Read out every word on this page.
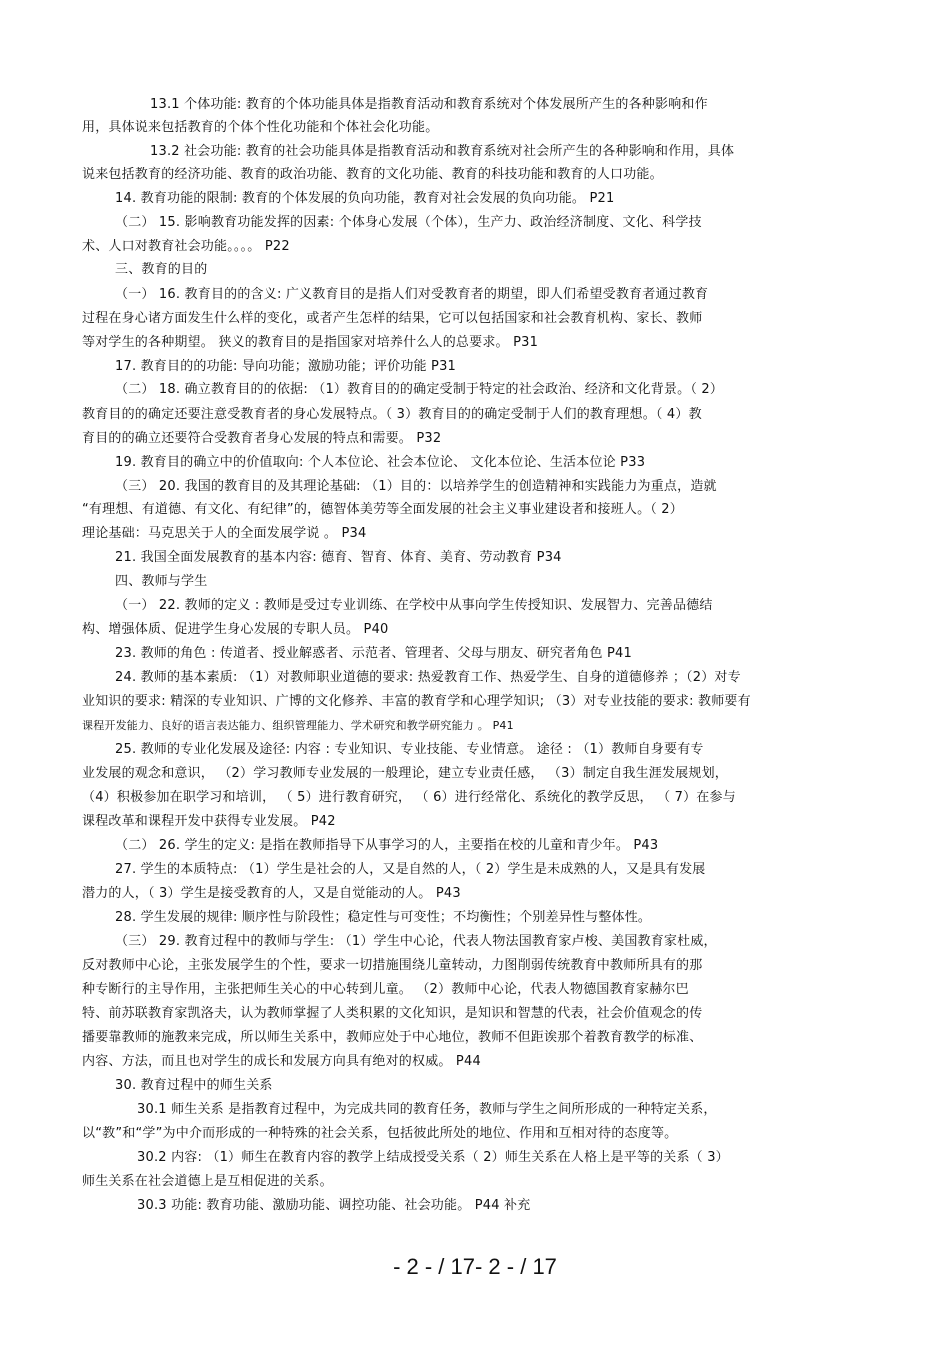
13.1 个体功能: 教育的个体功能具体是指教育活动和教育系统对个体发展所产生的各种影响和作
用，具体说来包括教育的个体个性化功能和个体社会化功能。
13.2 社会功能: 教育的社会功能具体是指教育活动和教育系统对社会所产生的各种影响和作用，具体
说来包括教育的经济功能、教育的政治功能、教育的文化功能、教育的科技功能和教育的人口功能。
14. 教育功能的限制: 教育的个体发展的负向功能，教育对社会发展的负向功能。 P21
（二） 15. 影响教育功能发挥的因素: 个体身心发展（个体），生产力、政治经济制度、文化、科学技
术、人口对教育社会功能。。。。 P22
三、教育的目的
（一） 16. 教育目的的含义: 广义教育目的是指人们对受教育者的期望，即人们希望受教育者通过教育
过程在身心诸方面发生什么样的变化，或者产生怎样的结果，它可以包括国家和社会教育机构、家长、教师
等对学生的各种期望。 狭义的教育目的是指国家对培养什么人的总要求。 P31
17. 教育目的的功能: 导向功能；激励功能；评价功能 P31
（二） 18. 确立教育目的的依据: （1）教育目的的确定受制于特定的社会政治、经济和文化背景。（ 2）
教育目的的确定还要注意受教育者的身心发展特点。（ 3）教育目的的确定受制于人们的教育理想。（ 4）教
育目的的确立还要符合受教育者身心发展的特点和需要。 P32
19. 教育目的确立中的价值取向: 个人本位论、社会本位论、 文化本位论、生活本位论 P33
（三） 20. 我国的教育目的及其理论基础: （1）目的：以培养学生的创造精神和实践能力为重点，造就
“有理想、有道德、有文化、有纪律”的，德智体美劳等全面发展的社会主义事业建设者和接班人。（ 2）
理论基础：马克思关于人的全面发展学说 。 P34
21. 我国全面发展教育的基本内容: 德育、智育、体育、美育、劳动教育 P34
四、教师与学生
（一） 22. 教师的定义 : 教师是受过专业训练、在学校中从事向学生传授知识、发展智力、完善品德结
构、增强体质、促进学生身心发展的专职人员。 P40
23. 教师的角色 : 传道者、授业解惑者、示范者、管理者、父母与朋友、研究者角色 P41
24. 教师的基本素质: （1）对教师职业道德的要求: 热爱教育工作、热爱学生、自身的道德修养 ；（2）对专
业知识的要求: 精深的专业知识、广博的文化修养、丰富的教育学和心理学知识; （3）对专业技能的要求: 教师要有
课程开发能力、良好的语言表达能力、组织管理能力、学术研究和教学研究能力 。 P41
25. 教师的专业化发展及途径: 内容 : 专业知识、专业技能、专业情意。 途径 : （1）教师自身要有专
业发展的观念和意识， （2）学习教师专业发展的一般理论，建立专业责任感， （3）制定自我生涯发展规划，
（4）积极参加在职学习和培训， （ 5）进行教育研究， （ 6）进行经常化、系统化的教学反思， （ 7）在参与
课程改革和课程开发中获得专业发展。 P42
（二） 26. 学生的定义: 是指在教师指导下从事学习的人，主要指在校的儿童和青少年。 P43
27. 学生的本质特点: （1）学生是社会的人，又是自然的人，（ 2）学生是未成熟的人，又是具有发展
潜力的人，（ 3）学生是接受教育的人，又是自觉能动的人。 P43
28. 学生发展的规律: 顺序性与阶段性；稳定性与可变性；不均衡性；个别差异性与整体性。
（三） 29. 教育过程中的教师与学生: （1）学生中心论，代表人物法国教育家卢梭、美国教育家杜威，
反对教师中心论，主张发展学生的个性，要求一切措施围绕儿童转动，力图削弱传统教育中教师所具有的那
种专断行的主导作用，主张把师生关心的中心转到儿童。 （2）教师中心论，代表人物德国教育家赫尔巴
特、前苏联教育家凯洛夫，认为教师掌握了人类积累的文化知识，是知识和智慧的代表，社会价值观念的传
播要靠教师的施教来完成，所以师生关系中，教师应处于中心地位，教师不但距诶那个着教育教学的标准、
内容、方法，而且也对学生的成长和发展方向具有绝对的权威。 P44
30. 教育过程中的师生关系
30.1 师生关系 是指教育过程中，为完成共同的教育任务，教师与学生之间所形成的一种特定关系，
以“教”和“学”为中介而形成的一种特殊的社会关系，包括彼此所处的地位、作用和互相对待的态度等。
30.2 内容: （1）师生在教育内容的教学上结成授受关系（ 2）师生关系在人格上是平等的关系（ 3）
师生关系在社会道德上是互相促进的关系。
30.3 功能: 教育功能、激励功能、调控功能、社会功能。 P44 补充
- 2 - / 17- 2 - / 17
